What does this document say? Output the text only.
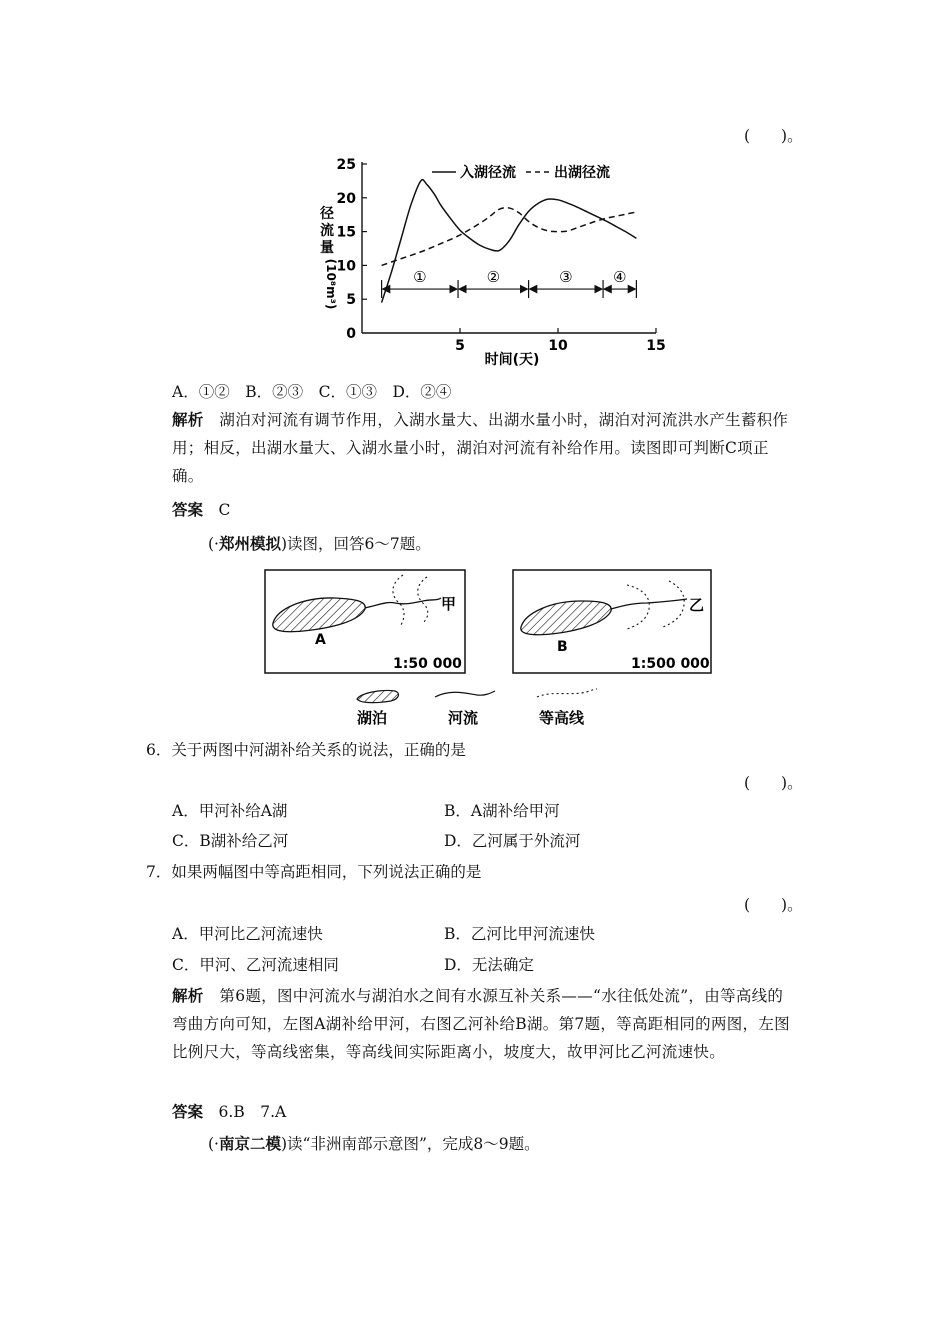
(　　)。
0
5
10
15
20
25
5	10	15
径
流
量
(10⁸m³)
时间(天)
入湖径流	出湖径流
①	②	③	④
A．①②　B．②③　C．①③　D．②④
解析　 湖泊对河流有调节作用，入湖水量大、出湖水量小时，湖泊对河流洪水产生蓄积作用；相反，出湖水量大、入湖水量小时，湖泊对河流有补给作用。读图即可判断C项正确。
答案　 C
(·郑州模拟)读图，回答6～7题。
A
甲
1:50 000
B
乙
1:500 000
湖泊	河流	等高线
6．关于两图中河湖补给关系的说法，正确的是
(　　)。
A．甲河补给A湖	B．A湖补给甲河
C．B湖补给乙河	D．乙河属于外流河
7．如果两幅图中等高距相同，下列说法正确的是
(　　)。
A．甲河比乙河流速快	B．乙河比甲河流速快
C．甲河、乙河流速相同	D．无法确定
解析　 第6题，图中河流水与湖泊水之间有水源互补关系——“水往低处流”，由等高线的弯曲方向可知，左图A湖补给甲河，右图乙河补给B湖。第7题，等高距相同的两图，左图比例尺大，等高线密集，等高线间实际距离小，坡度大，故甲河比乙河流速快。
答案　 6.B　7.A
(·南京二模)读“非洲南部示意图”，完成8～9题。
